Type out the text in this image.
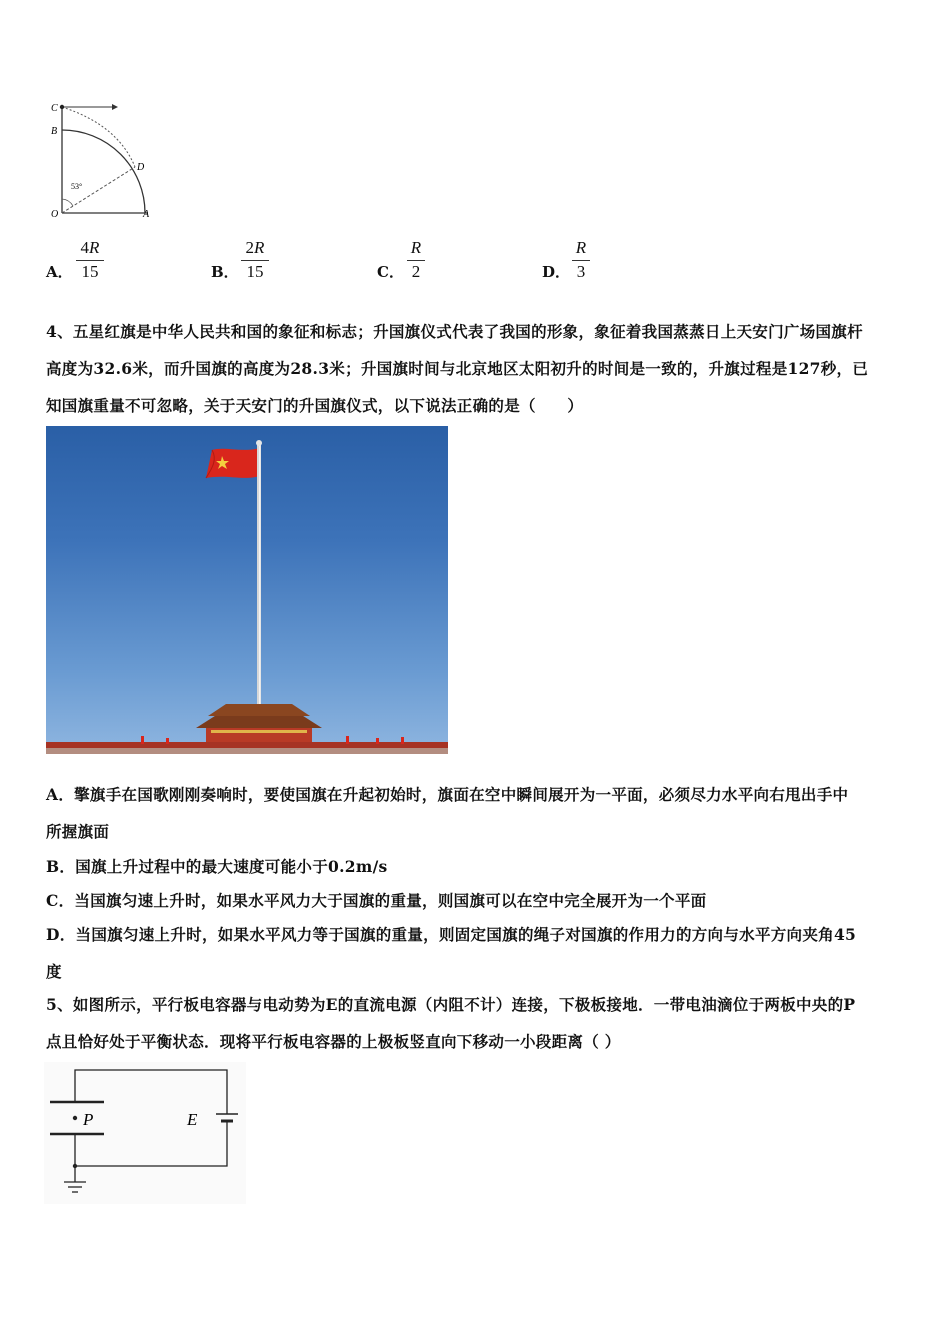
C
B
D
O	A
53°
A．
4R
15	B．
2R
15	C．
R
2	D．
R
3
4、五星红旗是中华人民共和国的象征和标志；升国旗仪式代表了我国的形象，象征着我国蒸蒸日上天安门广场国旗杆
高度为32.6米，而升国旗的高度为28.3米；升国旗时间与北京地区太阳初升的时间是一致的，升旗过程是127秒，已
知国旗重量不可忽略，关于天安门的升国旗仪式，以下说法正确的是（　　）
A．擎旗手在国歌刚刚奏响时，要使国旗在升起初始时，旗面在空中瞬间展开为一平面，必须尽力水平向右甩出手中
所握旗面
B．国旗上升过程中的最大速度可能小于0.2m/s
C．当国旗匀速上升时，如果水平风力大于国旗的重量，则国旗可以在空中完全展开为一个平面
D．当国旗匀速上升时，如果水平风力等于国旗的重量，则固定国旗的绳子对国旗的作用力的方向与水平方向夹角45
度
5、如图所示，平行板电容器与电动势为E的直流电源（内阻不计）连接，下极板接地．一带电油滴位于两板中央的P
点且恰好处于平衡状态．现将平行板电容器的上极板竖直向下移动一小段距离（ ）
P	E
